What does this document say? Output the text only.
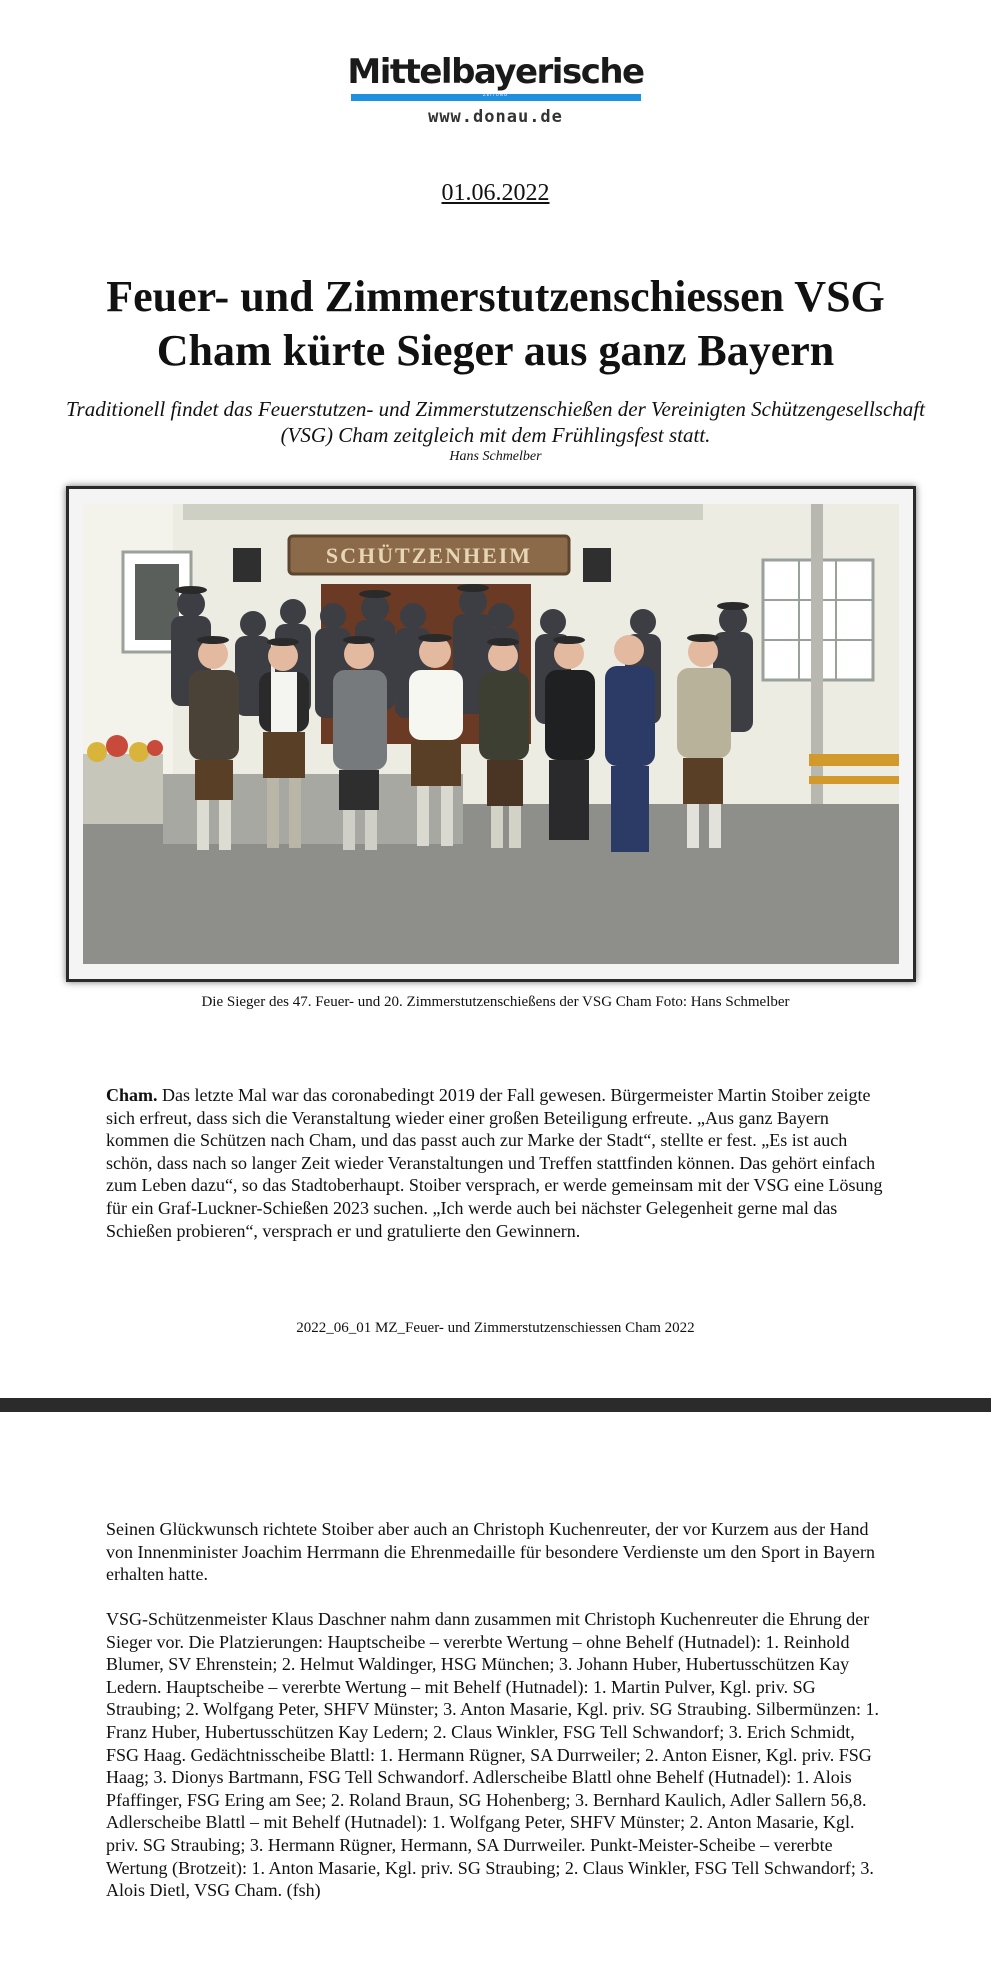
Mittelbayerische
ZEITUNG
www.donau.de
01.06.2022
Feuer- und Zimmerstutzenschiessen VSG Cham kürte Sieger aus ganz Bayern
Traditionell findet das Feuerstutzen- und Zimmerstutzenschießen der Vereinigten Schützengesellschaft (VSG) Cham zeitgleich mit dem Frühlingsfest statt.
Hans Schmelber
SCHÜTZENHEIM
Die Sieger des 47. Feuer- und 20. Zimmerstutzenschießens der VSG Cham Foto: Hans Schmelber

Cham. Das letzte Mal war das coronabedingt 2019 der Fall gewesen. Bürgermeister Martin Stoiber zeigte sich erfreut, dass sich die Veranstaltung wieder einer großen Beteiligung erfreute. „Aus ganz Bayern kommen die Schützen nach Cham, und das passt auch zur Marke der Stadt“, stellte er fest. „Es ist auch schön, dass nach so langer Zeit wieder Veranstaltungen und Treffen stattfinden können. Das gehört einfach zum Leben dazu“, so das Stadtoberhaupt. Stoiber versprach, er werde gemeinsam mit der VSG eine Lösung für ein Graf-Luckner-Schießen 2023 suchen. „Ich werde auch bei nächster Gelegenheit gerne mal das Schießen probieren“, versprach er und gratulierte den Gewinnern.

2022_06_01 MZ_Feuer- und Zimmerstutzenschiessen Cham 2022

Seinen Glückwunsch richtete Stoiber aber auch an Christoph Kuchenreuter, der vor Kurzem aus der Hand von Innenminister Joachim Herrmann die Ehrenmedaille für besondere Verdienste um den Sport in Bayern erhalten hatte.

VSG-Schützenmeister Klaus Daschner nahm dann zusammen mit Christoph Kuchenreuter die Ehrung der Sieger vor. Die Platzierungen: Hauptscheibe – vererbte Wertung – ohne Behelf (Hutnadel): 1. Reinhold Blumer, SV Ehrenstein; 2. Helmut Waldinger, HSG München; 3. Johann Huber, Hubertusschützen Kay Ledern. Hauptscheibe – vererbte Wertung – mit Behelf (Hutnadel): 1. Martin Pulver, Kgl. priv. SG Straubing; 2. Wolfgang Peter, SHFV Münster; 3. Anton Masarie, Kgl. priv. SG Straubing. Silbermünzen: 1. Franz Huber, Hubertusschützen Kay Ledern; 2. Claus Winkler, FSG Tell Schwandorf; 3. Erich Schmidt, FSG Haag. Gedächtnisscheibe Blattl: 1. Hermann Rügner, SA Durrweiler; 2. Anton Eisner, Kgl. priv. FSG Haag; 3. Dionys Bartmann, FSG Tell Schwandorf. Adlerscheibe Blattl ohne Behelf (Hutnadel): 1. Alois Pfaffinger, FSG Ering am See; 2. Roland Braun, SG Hohenberg; 3. Bernhard Kaulich, Adler Sallern 56,8. Adlerscheibe Blattl – mit Behelf (Hutnadel): 1. Wolfgang Peter, SHFV Münster; 2. Anton Masarie, Kgl. priv. SG Straubing; 3. Hermann Rügner, Hermann, SA Durrweiler. Punkt-Meister-Scheibe – vererbte Wertung (Brotzeit): 1. Anton Masarie, Kgl. priv. SG Straubing; 2. Claus Winkler, FSG Tell Schwandorf; 3. Alois Dietl, VSG Cham. (fsh)
